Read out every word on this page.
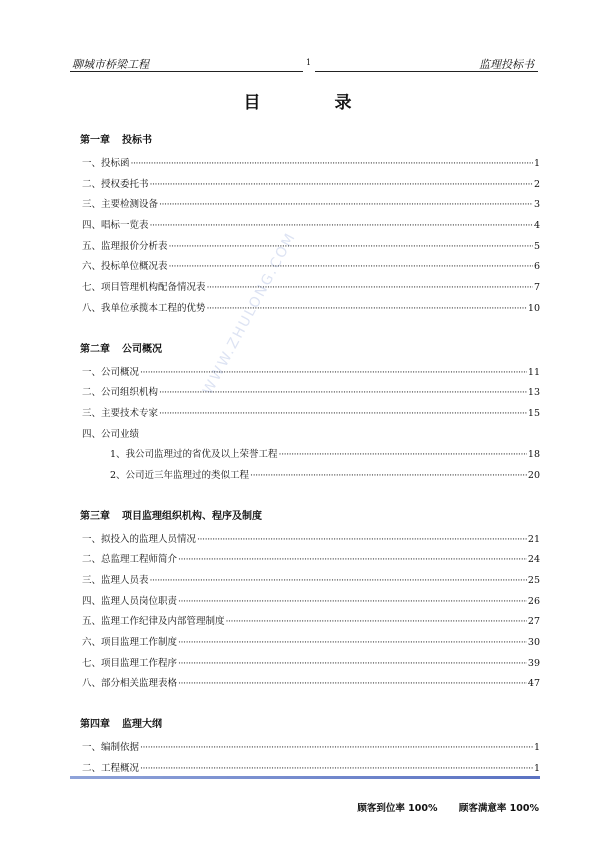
聊城市桥梁工程	1	监理投标书
目 录
WWW.ZHULONG.COM
第一章 投标书
一、投标函 ·····	1
二、授权委托书 ·····	2
三、主要检测设备 ·····	3
四、唱标一览表 ·····	4
五、监理报价分析表 ·····	5
六、投标单位概况表 ·····	6
七、项目管理机构配备情况表 ·····	7
八、我单位承揽本工程的优势 ·····	10
第二章 公司概况
一、公司概况 ·····	11
二、公司组织机构 ·····	13
三、主要技术专家 ·····	15
四、公司业绩
1、我公司监理过的省优及以上荣誉工程 ·····	18
2、公司近三年监理过的类似工程 ·····	20
第三章 项目监理组织机构、程序及制度
一、拟投入的监理人员情况 ·····	21
二、总监理工程师简介 ·····	24
三、监理人员表 ·····	25
四、监理人员岗位职责 ·····	26
五、监理工作纪律及内部管理制度 ·····	27
六、项目监理工作制度 ·····	30
七、项目监理工作程序 ·····	39
八、部分相关监理表格 ·····	47
第四章 监理大纲
一、编制依据 ·····	1
二、工程概况 ·····	1
顾客到位率 100% 顾客满意率 100%
